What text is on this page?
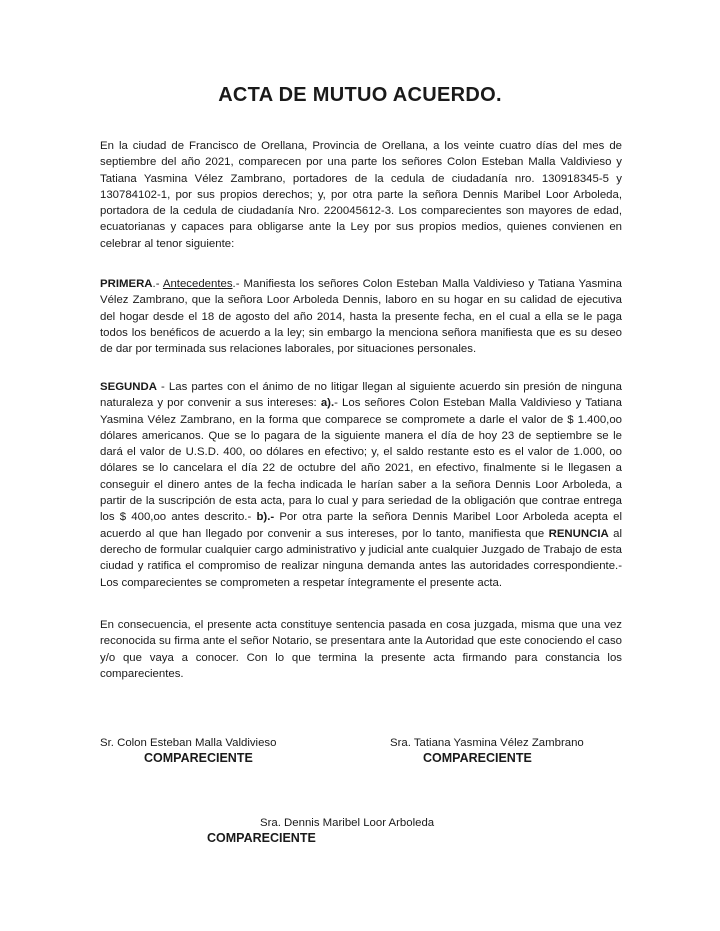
ACTA DE MUTUO ACUERDO.

En la ciudad de Francisco de Orellana, Provincia de Orellana, a los veinte cuatro días del mes de septiembre del año 2021, comparecen por una parte los señores Colon Esteban Malla Valdivieso y Tatiana Yasmina Vélez Zambrano, portadores de la cedula de ciudadanía nro. 130918345-5 y 130784102-1, por sus propios derechos; y, por otra parte la señora Dennis Maribel Loor Arboleda, portadora de la cedula de ciudadanía Nro. 220045612-3. Los comparecientes son mayores de edad, ecuatorianas y capaces para obligarse ante la Ley por sus propios medios, quienes convienen en celebrar al tenor siguiente:

PRIMERA.- Antecedentes.- Manifiesta los señores Colon Esteban Malla Valdivieso y Tatiana Yasmina Vélez Zambrano, que la señora Loor Arboleda Dennis, laboro en su hogar en su calidad de ejecutiva del hogar desde el 18 de agosto del año 2014, hasta la presente fecha, en el cual a ella se le paga todos los benéficos de acuerdo a la ley; sin embargo la menciona señora manifiesta que es su deseo de dar por terminada sus relaciones laborales, por situaciones personales.

SEGUNDA - Las partes con el ánimo de no litigar llegan al siguiente acuerdo sin presión de ninguna naturaleza y por convenir a sus intereses: a).- Los señores Colon Esteban Malla Valdivieso y Tatiana Yasmina Vélez Zambrano, en la forma que comparece se compromete a darle el valor de $ 1.400,oo dólares americanos. Que se lo pagara de la siguiente manera el día de hoy 23 de septiembre se le dará el valor de U.S.D. 400, oo dólares en efectivo; y, el saldo restante esto es el valor de 1.000, oo dólares se lo cancelara el día 22 de octubre del año 2021, en efectivo, finalmente si le llegasen a conseguir el dinero antes de la fecha indicada le harían saber a la señora Dennis Loor Arboleda, a partir de la suscripción de esta acta, para lo cual y para seriedad de la obligación que contrae entrega los $ 400,oo antes descrito.- b).- Por otra parte la señora Dennis Maribel Loor Arboleda acepta el acuerdo al que han llegado por convenir a sus intereses, por lo tanto, manifiesta que RENUNCIA al derecho de formular cualquier cargo administrativo y judicial ante cualquier Juzgado de Trabajo de esta ciudad y ratifica el compromiso de realizar ninguna demanda antes las autoridades correspondiente.- Los comparecientes se comprometen a respetar íntegramente el presente acta.

En consecuencia, el presente acta constituye sentencia pasada en cosa juzgada, misma que una vez reconocida su firma ante el señor Notario, se presentara ante la Autoridad que este conociendo el caso y/o que vaya a conocer. Con lo que termina la presente acta firmando para constancia los comparecientes.

Sr. Colon Esteban Malla Valdivieso
COMPARECIENTE
Sra. Tatiana Yasmina Vélez Zambrano
COMPARECIENTE
Sra. Dennis Maribel Loor Arboleda
COMPARECIENTE
